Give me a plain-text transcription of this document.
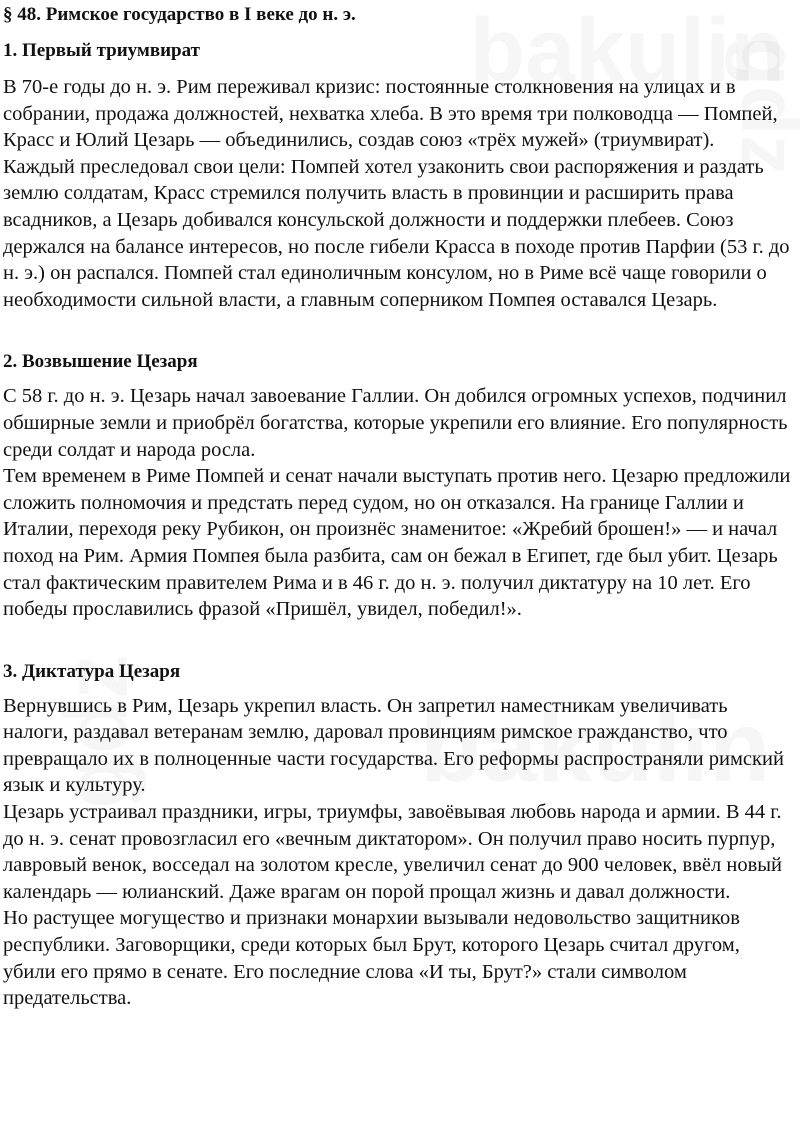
§ 48. Римское государство в I веке до н. э.
1. Первый триумвират

В 70-е годы до н. э. Рим переживал кризис: постоянные столкновения на улицах и в собрании, продажа должностей, нехватка хлеба. В это время три полководца — Помпей, Красс и Юлий Цезарь — объединились, создав союз «трёх мужей» (триумвират).

Каждый преследовал свои цели: Помпей хотел узаконить свои распоряжения и раздать землю солдатам, Красс стремился получить власть в провинции и расширить права всадников, а Цезарь добивался консульской должности и поддержки плебеев. Союз держался на балансе интересов, но после гибели Красса в походе против Парфии (53 г. до н. э.) он распался. Помпей стал единоличным консулом, но в Риме всё чаще говорили о необходимости сильной власти, а главным соперником Помпея оставался Цезарь.

2. Возвышение Цезаря

С 58 г. до н. э. Цезарь начал завоевание Галлии. Он добился огромных успехов, подчинил обширные земли и приобрёл богатства, которые укрепили его влияние. Его популярность среди солдат и народа росла.

Тем временем в Риме Помпей и сенат начали выступать против него. Цезарю предложили сложить полномочия и предстать перед судом, но он отказался. На границе Галлии и Италии, переходя реку Рубикон, он произнёс знаменитое: «Жребий брошен!» — и начал поход на Рим. Армия Помпея была разбита, сам он бежал в Египет, где был убит. Цезарь стал фактическим правителем Рима и в 46 г. до н. э. получил диктатуру на 10 лет. Его победы прославились фразой «Пришёл, увидел, победил!».

3. Диктатура Цезаря

Вернувшись в Рим, Цезарь укрепил власть. Он запретил наместникам увеличивать налоги, раздавал ветеранам землю, даровал провинциям римское гражданство, что превращало их в полноценные части государства. Его реформы распространяли римский язык и культуру.

Цезарь устраивал праздники, игры, триумфы, завоёвывая любовь народа и армии. В 44 г. до н. э. сенат провозгласил его «вечным диктатором». Он получил право носить пурпур, лавровый венок, восседал на золотом кресле, увеличил сенат до 900 человек, ввёл новый календарь — юлианский. Даже врагам он порой прощал жизнь и давал должности.

Но растущее могущество и признаки монархии вызывали недовольство защитников республики. Заговорщики, среди которых был Брут, которого Цезарь считал другом, убили его прямо в сенате. Его последние слова «И ты, Брут?» стали символом предательства.
